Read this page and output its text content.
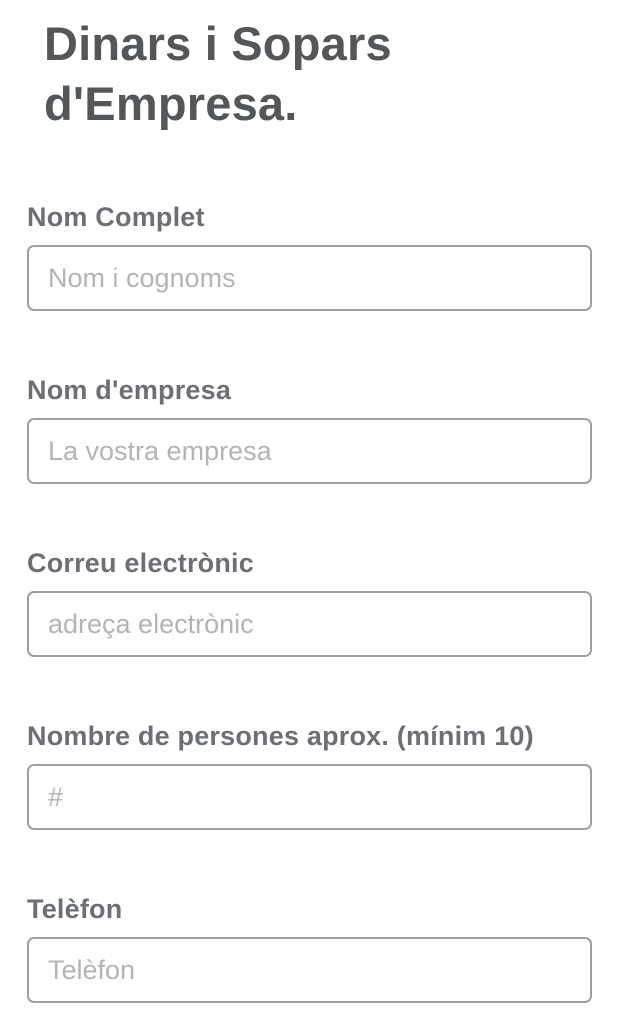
Dinars i Sopars d'Empresa.
Nom Complet
Nom i cognoms
Nom d'empresa
La vostra empresa
Correu electrònic
adreça electrònic
Nombre de persones aprox. (mínim 10)
#
Telèfon
Telèfon
